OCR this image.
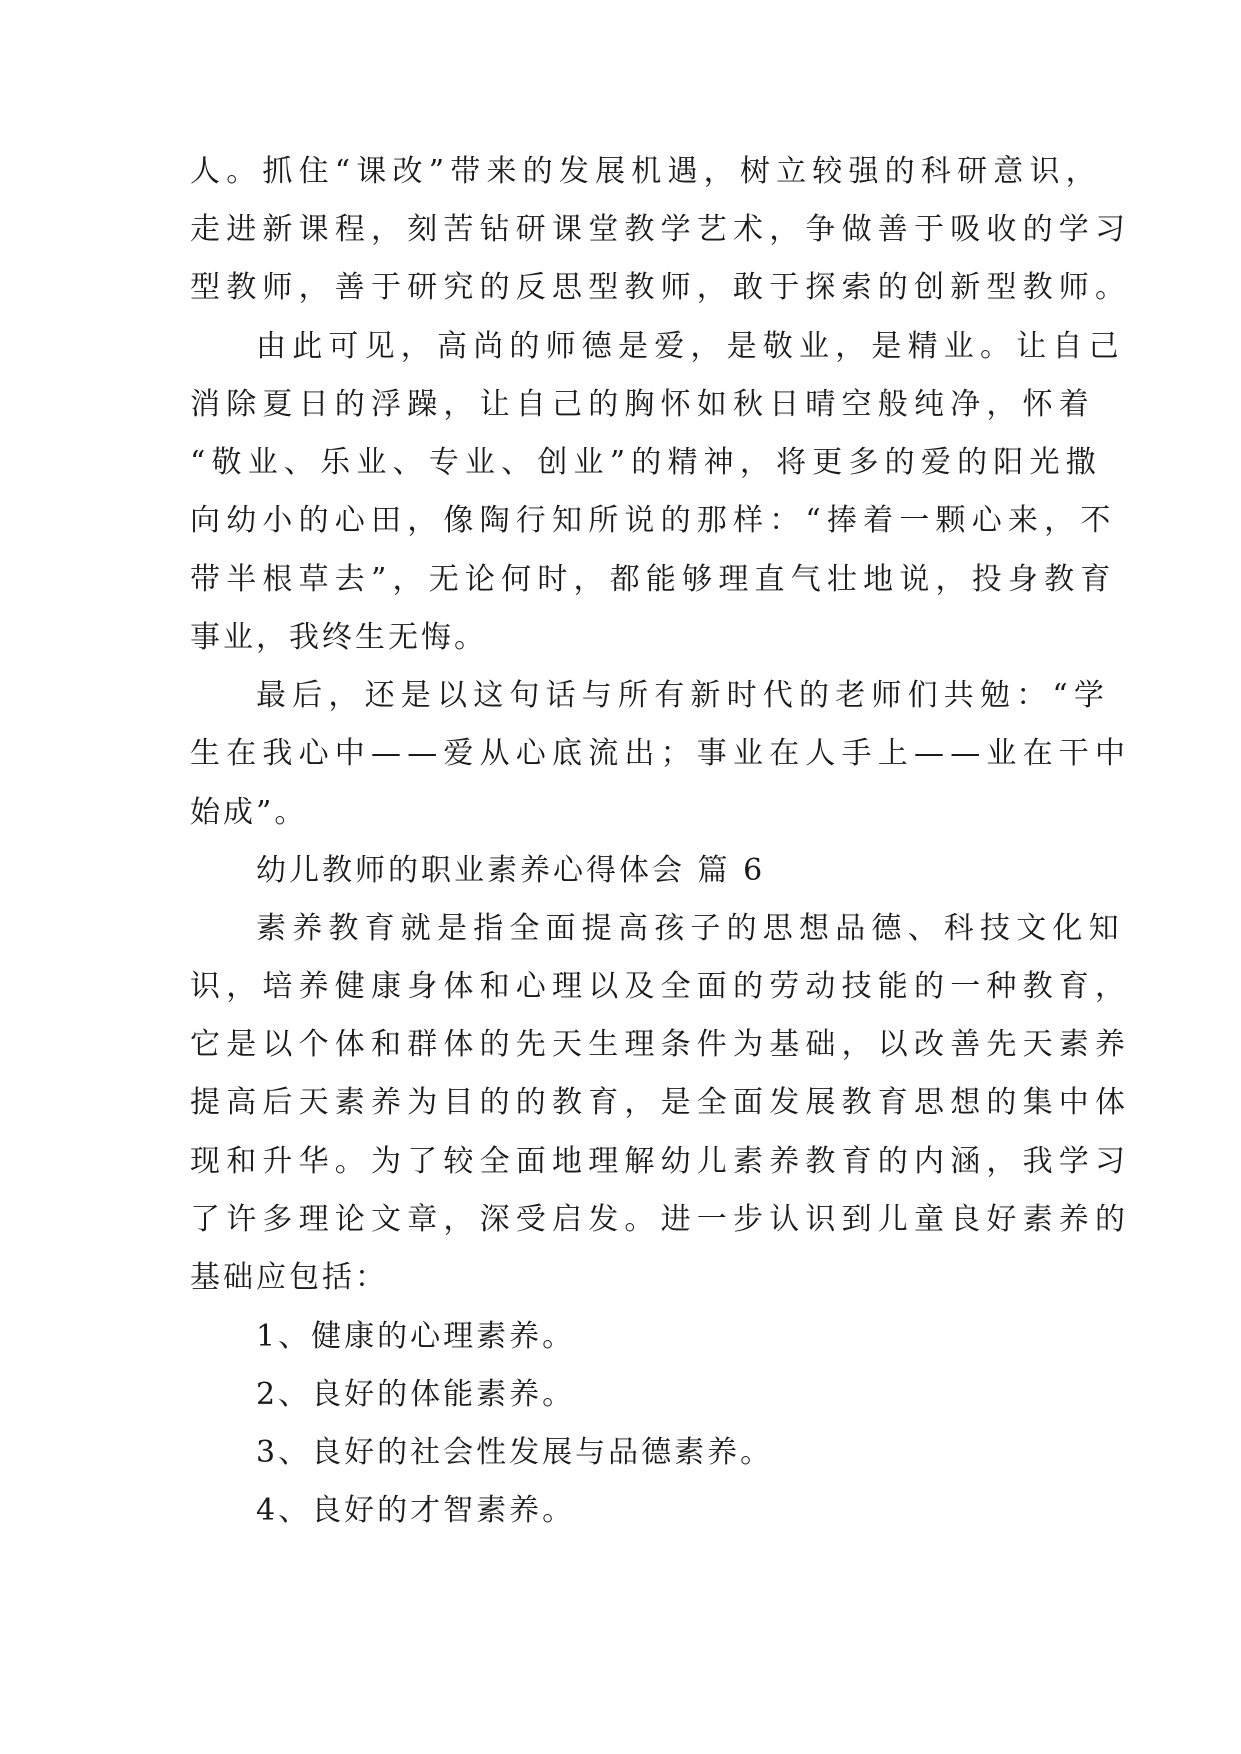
人。抓住“课改”带来的发展机遇，树立较强的科研意识，
走进新课程，刻苦钻研课堂教学艺术，争做善于吸收的学习
型教师，善于研究的反思型教师，敢于探索的创新型教师。
由此可见，高尚的师德是爱，是敬业，是精业。让自己
消除夏日的浮躁，让自己的胸怀如秋日晴空般纯净，怀着
“敬业、乐业、专业、创业”的精神，将更多的爱的阳光撒
向幼小的心田，像陶行知所说的那样：“捧着一颗心来，不
带半根草去”，无论何时，都能够理直气壮地说，投身教育
事业，我终生无悔。
最后，还是以这句话与所有新时代的老师们共勉：“学
生在我心中——爱从心底流出；事业在人手上——业在干中
始成”。
幼儿教师的职业素养心得体会 篇 6
素养教育就是指全面提高孩子的思想品德、科技文化知
识，培养健康身体和心理以及全面的劳动技能的一种教育，
它是以个体和群体的先天生理条件为基础，以改善先天素养
提高后天素养为目的的教育，是全面发展教育思想的集中体
现和升华。为了较全面地理解幼儿素养教育的内涵，我学习
了许多理论文章，深受启发。进一步认识到儿童良好素养的
基础应包括：
1、健康的心理素养。
2、良好的体能素养。
3、良好的社会性发展与品德素养。
4、良好的才智素养。
